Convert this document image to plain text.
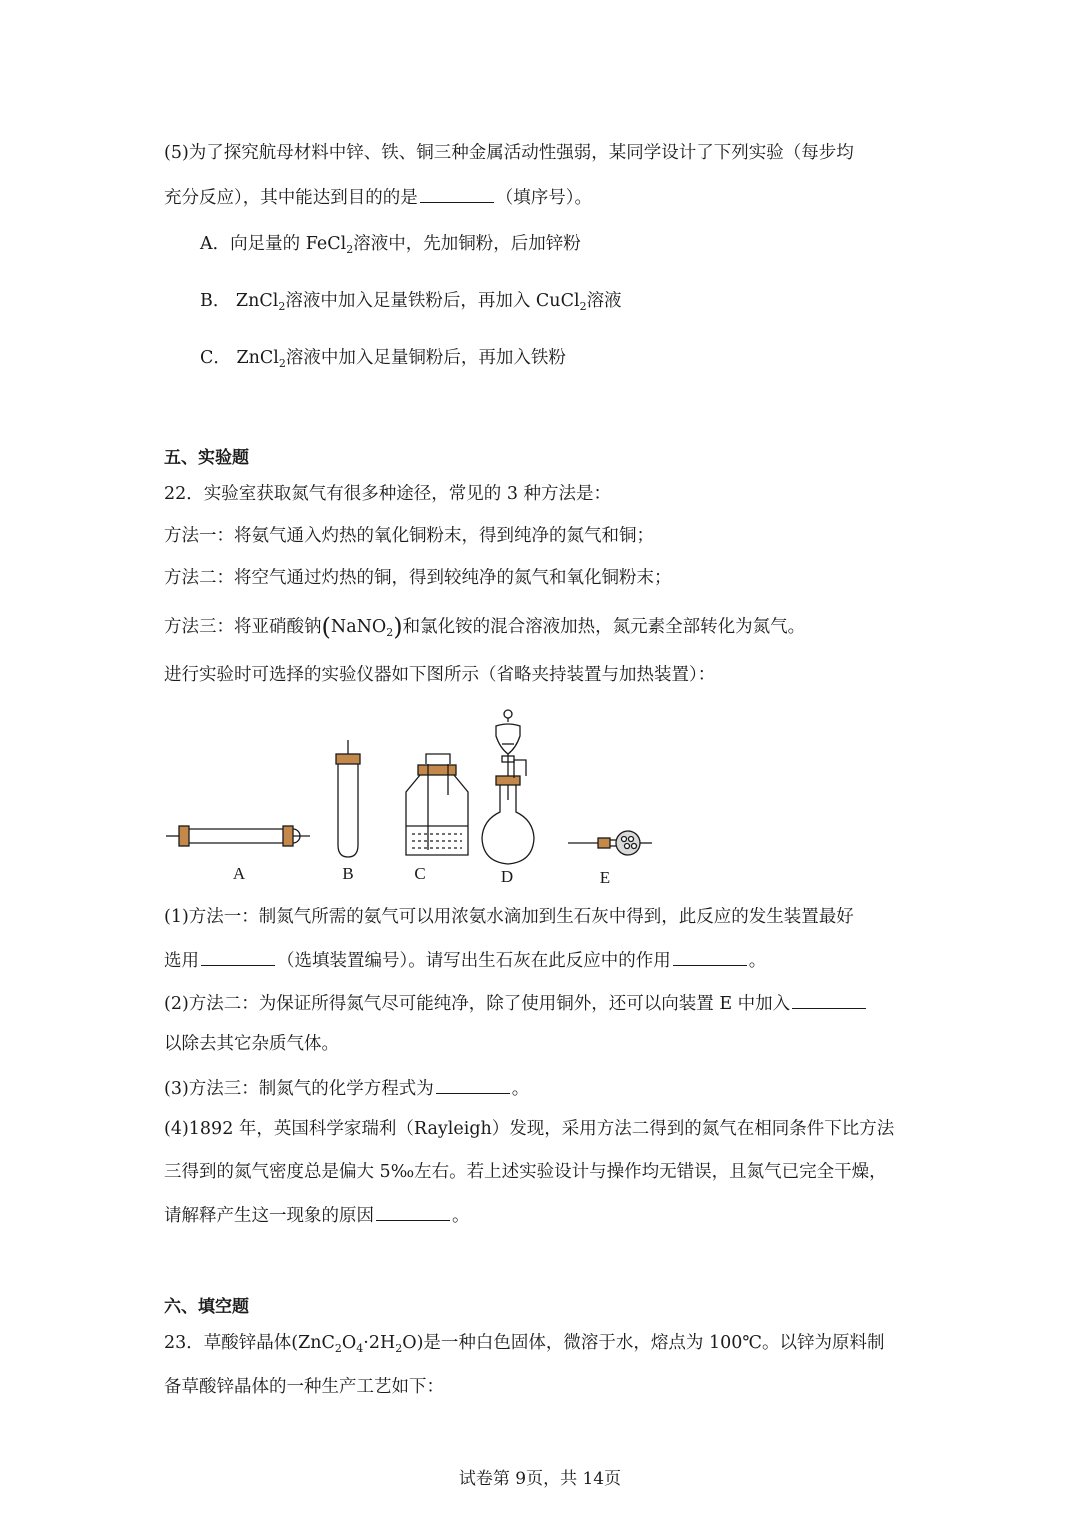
(5)为了探究航母材料中锌、铁、铜三种金属活动性强弱，某同学设计了下列实验（每步均
充分反应），其中能达到目的的是	（填序号）。
A．向足量的 FeCl$_2$溶液中，先加铜粉，后加锌粉
B． ZnCl$_2$溶液中加入足量铁粉后，再加入 CuCl$_2$溶液
C． ZnCl$_2$溶液中加入足量铜粉后，再加入铁粉
五、实验题
22．实验室获取氮气有很多种途径，常见的 3 种方法是：
方法一：将氨气通入灼热的氧化铜粉末，得到纯净的氮气和铜；
方法二：将空气通过灼热的铜，得到较纯净的氮气和氧化铜粉末；
方法三：将亚硝酸钠(NaNO$_2$)和氯化铵的混合溶液加热，氮元素全部转化为氮气。
进行实验时可选择的实验仪器如下图所示（省略夹持装置与加热装置）：
A	B	C	D	E
(1)方法一：制氮气所需的氨气可以用浓氨水滴加到生石灰中得到，此反应的发生装置最好
选用	（选填装置编号）。请写出生石灰在此反应中的作用	。
(2)方法二：为保证所得氮气尽可能纯净，除了使用铜外，还可以向装置 E 中加入
以除去其它杂质气体。
(3)方法三：制氮气的化学方程式为	。
(4)1892 年，英国科学家瑞利（Rayleigh）发现，采用方法二得到的氮气在相同条件下比方法
三得到的氮气密度总是偏大 5‰左右。若上述实验设计与操作均无错误，且氮气已完全干燥，
请解释产生这一现象的原因	。
六、填空题
23．草酸锌晶体$(ZnC_2O_4\cdot 2H_2O)$是一种白色固体，微溶于水，熔点为 100℃。以锌为原料制
备草酸锌晶体的一种生产工艺如下：
试卷第 9页，共 14页
